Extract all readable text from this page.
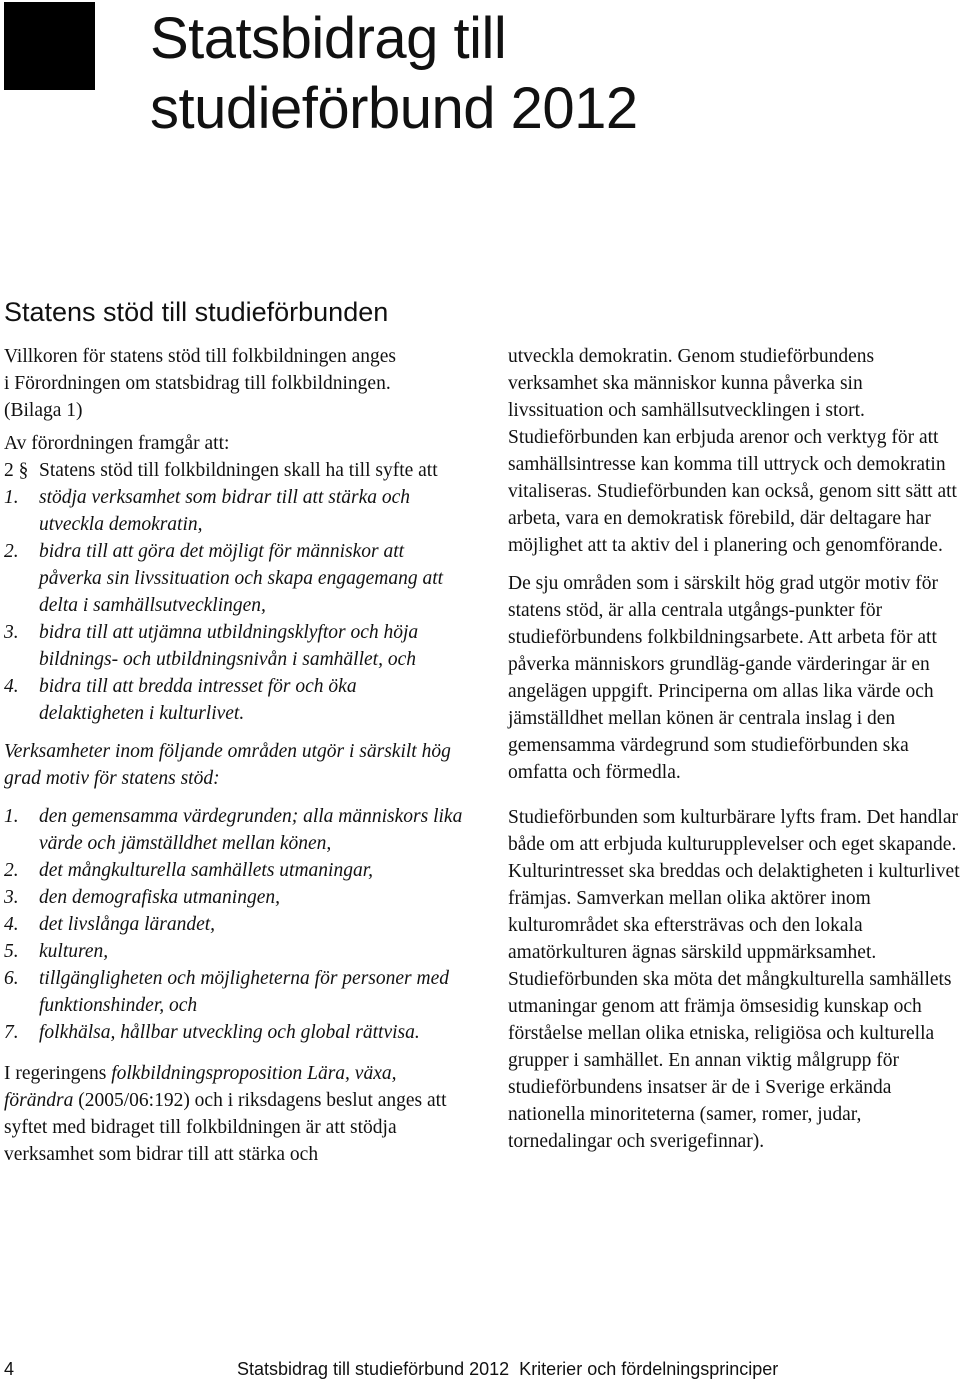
Statsbidrag till
studieförbund 2012
Statens stöd till studieförbunden

Villkoren för statens stöd till folkbildningen anges
i Förordningen om statsbidrag till folkbildningen.
(Bilaga 1)

Av förordningen framgår att:

2 § Statens stöd till folkbildningen skall ha till syfte att
1.	stödja verksamhet som bidrar till att stärka och utveckla demokratin,
2.	bidra till att göra det möjligt för människor att påverka sin livssituation och skapa engagemang att delta i samhällsutvecklingen,
3.	bidra till att utjämna utbildningsklyftor och höja bildnings- och utbildningsnivån i samhället, och
4.	bidra till att bredda intresset för och öka delaktigheten i kulturlivet.

Verksamheter inom följande områden utgör i särskilt hög grad motiv för statens stöd:

1.	den gemensamma värdegrunden; alla människors lika värde och jämställdhet mellan könen,
2.	det mångkulturella samhällets utmaningar,
3.	den demografiska utmaningen,
4.	det livslånga lärandet,
5.	kulturen,
6.	tillgängligheten och möjligheterna för personer med funktionshinder, och
7.	folkhälsa, hållbar utveckling och global rättvisa.

I regeringens folkbildningsproposition Lära, växa, förändra (2005/06:192) och i riksdagens beslut anges att syftet med bidraget till folkbildningen är att stödja verksamhet som bidrar till att stärka och

utveckla demokratin. Genom studieförbundens verksamhet ska människor kunna påverka sin livssituation och samhällsutvecklingen i stort. Studieförbunden kan erbjuda arenor och verktyg för att samhällsintresse kan komma till uttryck och demokratin vitaliseras. Studieförbunden kan också, genom sitt sätt att arbeta, vara en demokratisk förebild, där deltagare har möjlighet att ta aktiv del i planering och genomförande.

De sju områden som i särskilt hög grad utgör motiv för statens stöd, är alla centrala utgångs-punkter för studieförbundens folkbildningsarbete. Att arbeta för att påverka människors grundläg-gande värderingar är en angelägen uppgift. Principerna om allas lika värde och jämställdhet mellan könen är centrala inslag i den gemensamma värdegrund som studieförbunden ska omfatta och förmedla.

Studieförbunden som kulturbärare lyfts fram. Det handlar både om att erbjuda kulturupplevelser och eget skapande. Kulturintresset ska breddas och delaktigheten i kulturlivet främjas. Samverkan mellan olika aktörer inom kulturområdet ska eftersträvas och den lokala amatörkulturen ägnas särskild uppmärksamhet. Studieförbunden ska möta det mångkulturella samhällets utmaningar genom att främja ömsesidig kunskap och förståelse mellan olika etniska, religiösa och kulturella grupper i samhället. En annan viktig målgrupp för studieförbundens insatser är de i Sverige erkända nationella minoriteterna (samer, romer, judar, tornedalingar och sverigefinnar).

4	Statsbidrag till studieförbund 2012  Kriterier och fördelningsprinciper
